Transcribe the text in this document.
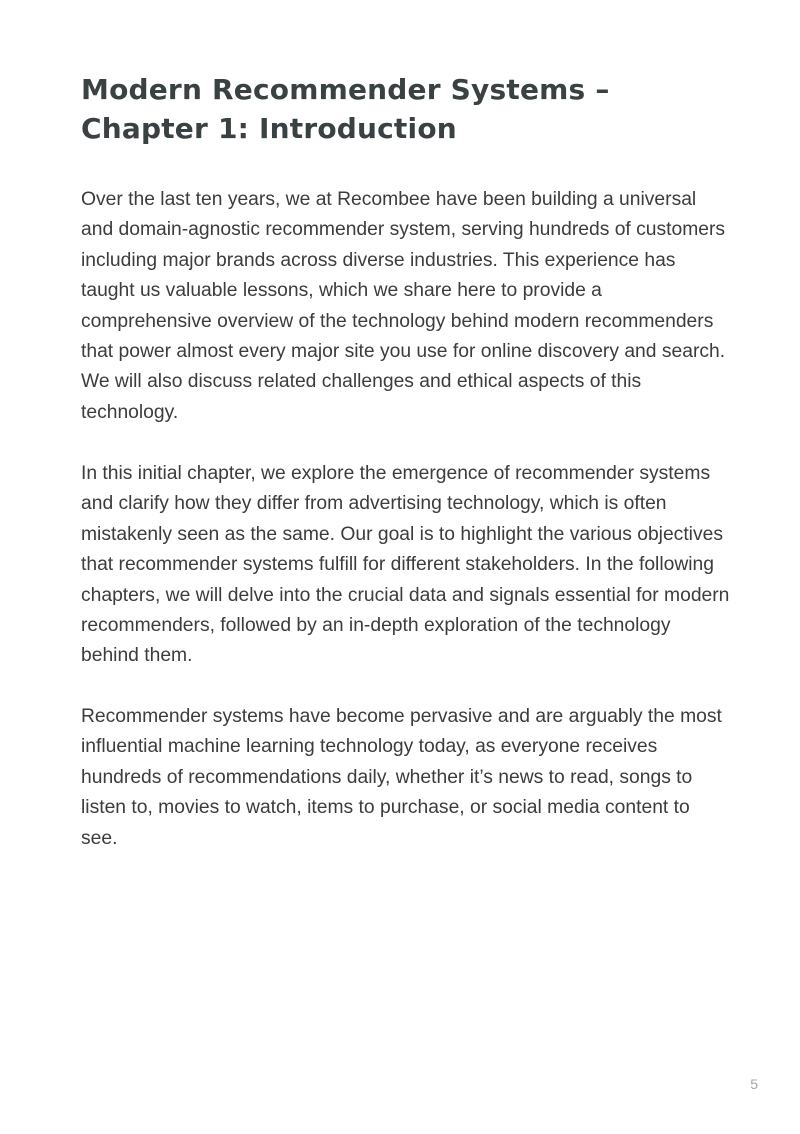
Modern Recommender Systems – Chapter 1: Introduction

Over the last ten years, we at Recombee have been building a universal and domain-agnostic recommender system, serving hundreds of customers including major brands across diverse industries. This experience has taught us valuable lessons, which we share here to provide a comprehensive overview of the technology behind modern recommenders that power almost every major site you use for online discovery and search. We will also discuss related challenges and ethical aspects of this technology.

In this initial chapter, we explore the emergence of recommender systems and clarify how they differ from advertising technology, which is often mistakenly seen as the same. Our goal is to highlight the various objectives that recommender systems fulfill for different stakeholders. In the following chapters, we will delve into the crucial data and signals essential for modern recommenders, followed by an in-depth exploration of the technology behind them.

Recommender systems have become pervasive and are arguably the most influential machine learning technology today, as everyone receives hundreds of recommendations daily, whether it’s news to read, songs to listen to, movies to watch, items to purchase, or social media content to see.

5
